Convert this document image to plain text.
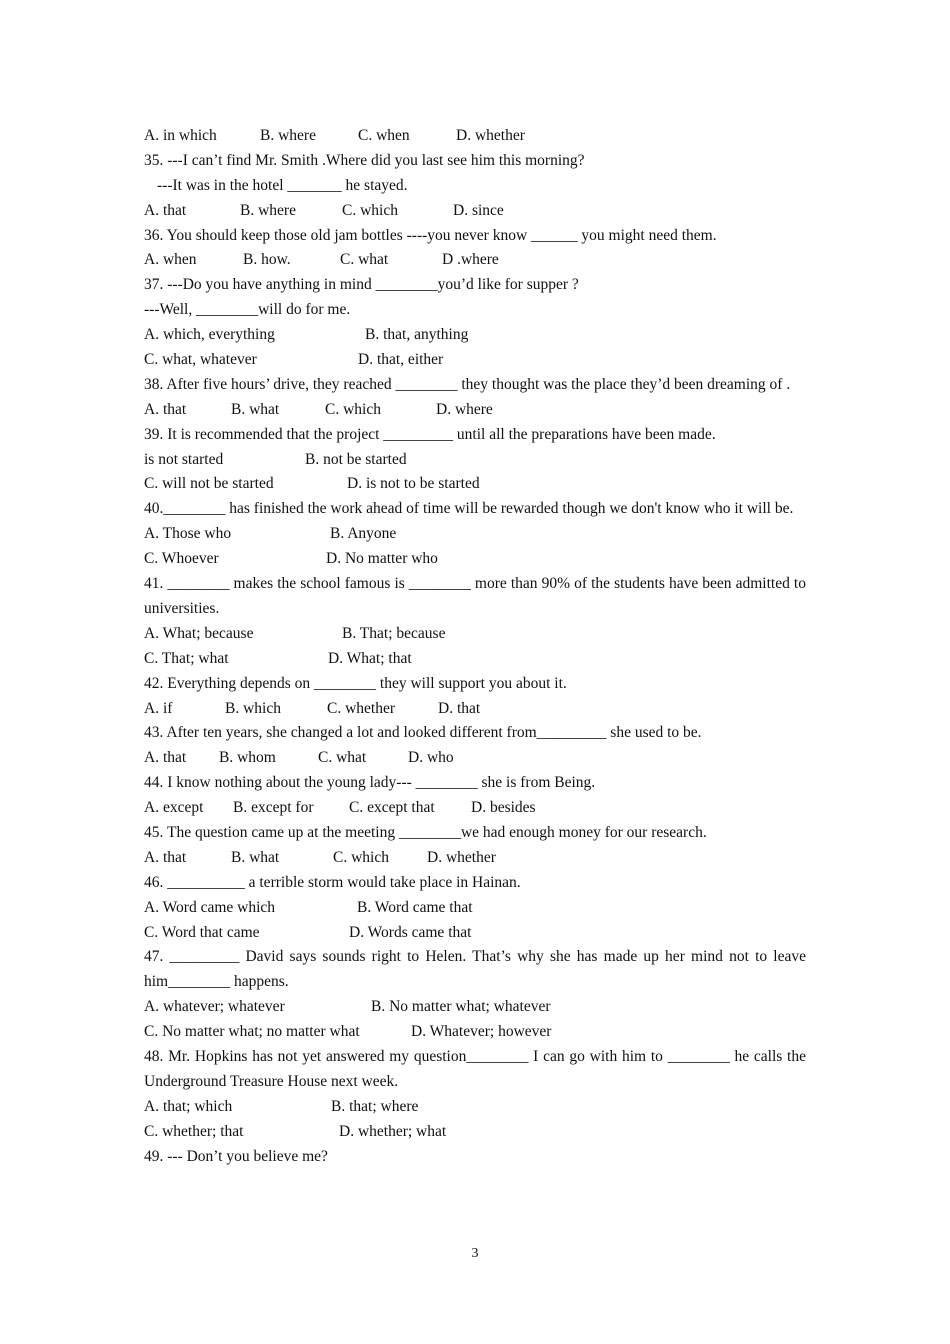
A. in which	B. where	C. when	D. whether
35. ---I can’t find Mr. Smith .Where did you last see him this morning?
---It was in the hotel _______ he stayed.
A. that	B. where	C. which	D. since
36. You should keep those old jam bottles ----you never know ______ you might need them.
A. when	B. how.	C. what	D .where
37. ---Do you have anything in mind ________you’d like for supper ?
---Well, ________will do for me.
A. which, everything	B. that, anything
C. what, whatever	D. that, either
38. After five hours’ drive, they reached ________ they thought was the place they’d been dreaming of .
A. that	B. what	C. which	D. where
39. It is recommended that the project _________ until all the preparations have been made.
is not started	B. not be started
C. will not be started	D. is not to be started
40.________ has finished the work ahead of time will be rewarded though we don't know who it will be.
A. Those who	B. Anyone
C. Whoever	D. No matter who
41. ________ makes the school famous is ________ more than 90% of the students have been admitted to universities.
A. What; because	B. That; because
C. That; what	D. What; that
42. Everything depends on ________ they will support you about it.
A. if	B. which	C. whether	D. that
43. After ten years, she changed a lot and looked different from_________ she used to be.
A. that	B. whom	C. what	D. who
44. I know nothing about the young lady--- ________ she is from Being.
A. except	B. except for	C. except that	D. besides
45. The question came up at the meeting ________we had enough money for our research.
A. that	B. what	C. which	D. whether
46. __________ a terrible storm would take place in Hainan.
A. Word came which	B. Word came that
C. Word that came	D. Words came that
47. _________ David says sounds right to Helen. That’s why she has made up her mind not to leave him________ happens.
A. whatever; whatever	B. No matter what; whatever
C. No matter what; no matter what	D. Whatever; however
48. Mr. Hopkins has not yet answered my question________ I can go with him to ________ he calls the Underground Treasure House next week.
A. that; which	B. that; where
C. whether; that	D. whether; what
49. --- Don’t you believe me?
3
